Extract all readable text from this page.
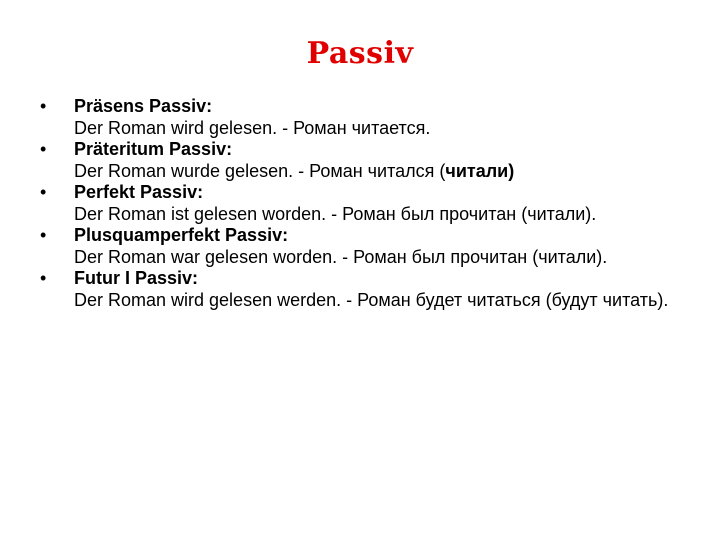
Passiv
•	Präsens Passiv:
Der Roman wird gelesen. - Роман читается.
•	Präteritum Passiv:
Der Roman wurde gelesen. - Роман читался (читали)
•	Perfekt Passiv:
Der Roman ist gelesen worden. - Роман был прочитан (читали).
•	Plusquamperfekt Passiv:
Der Roman war gelesen worden. - Роман был прочитан (читали).
•	Futur I Passiv:
Der Roman wird gelesen werden. - Роман будет читаться (будут читать).
